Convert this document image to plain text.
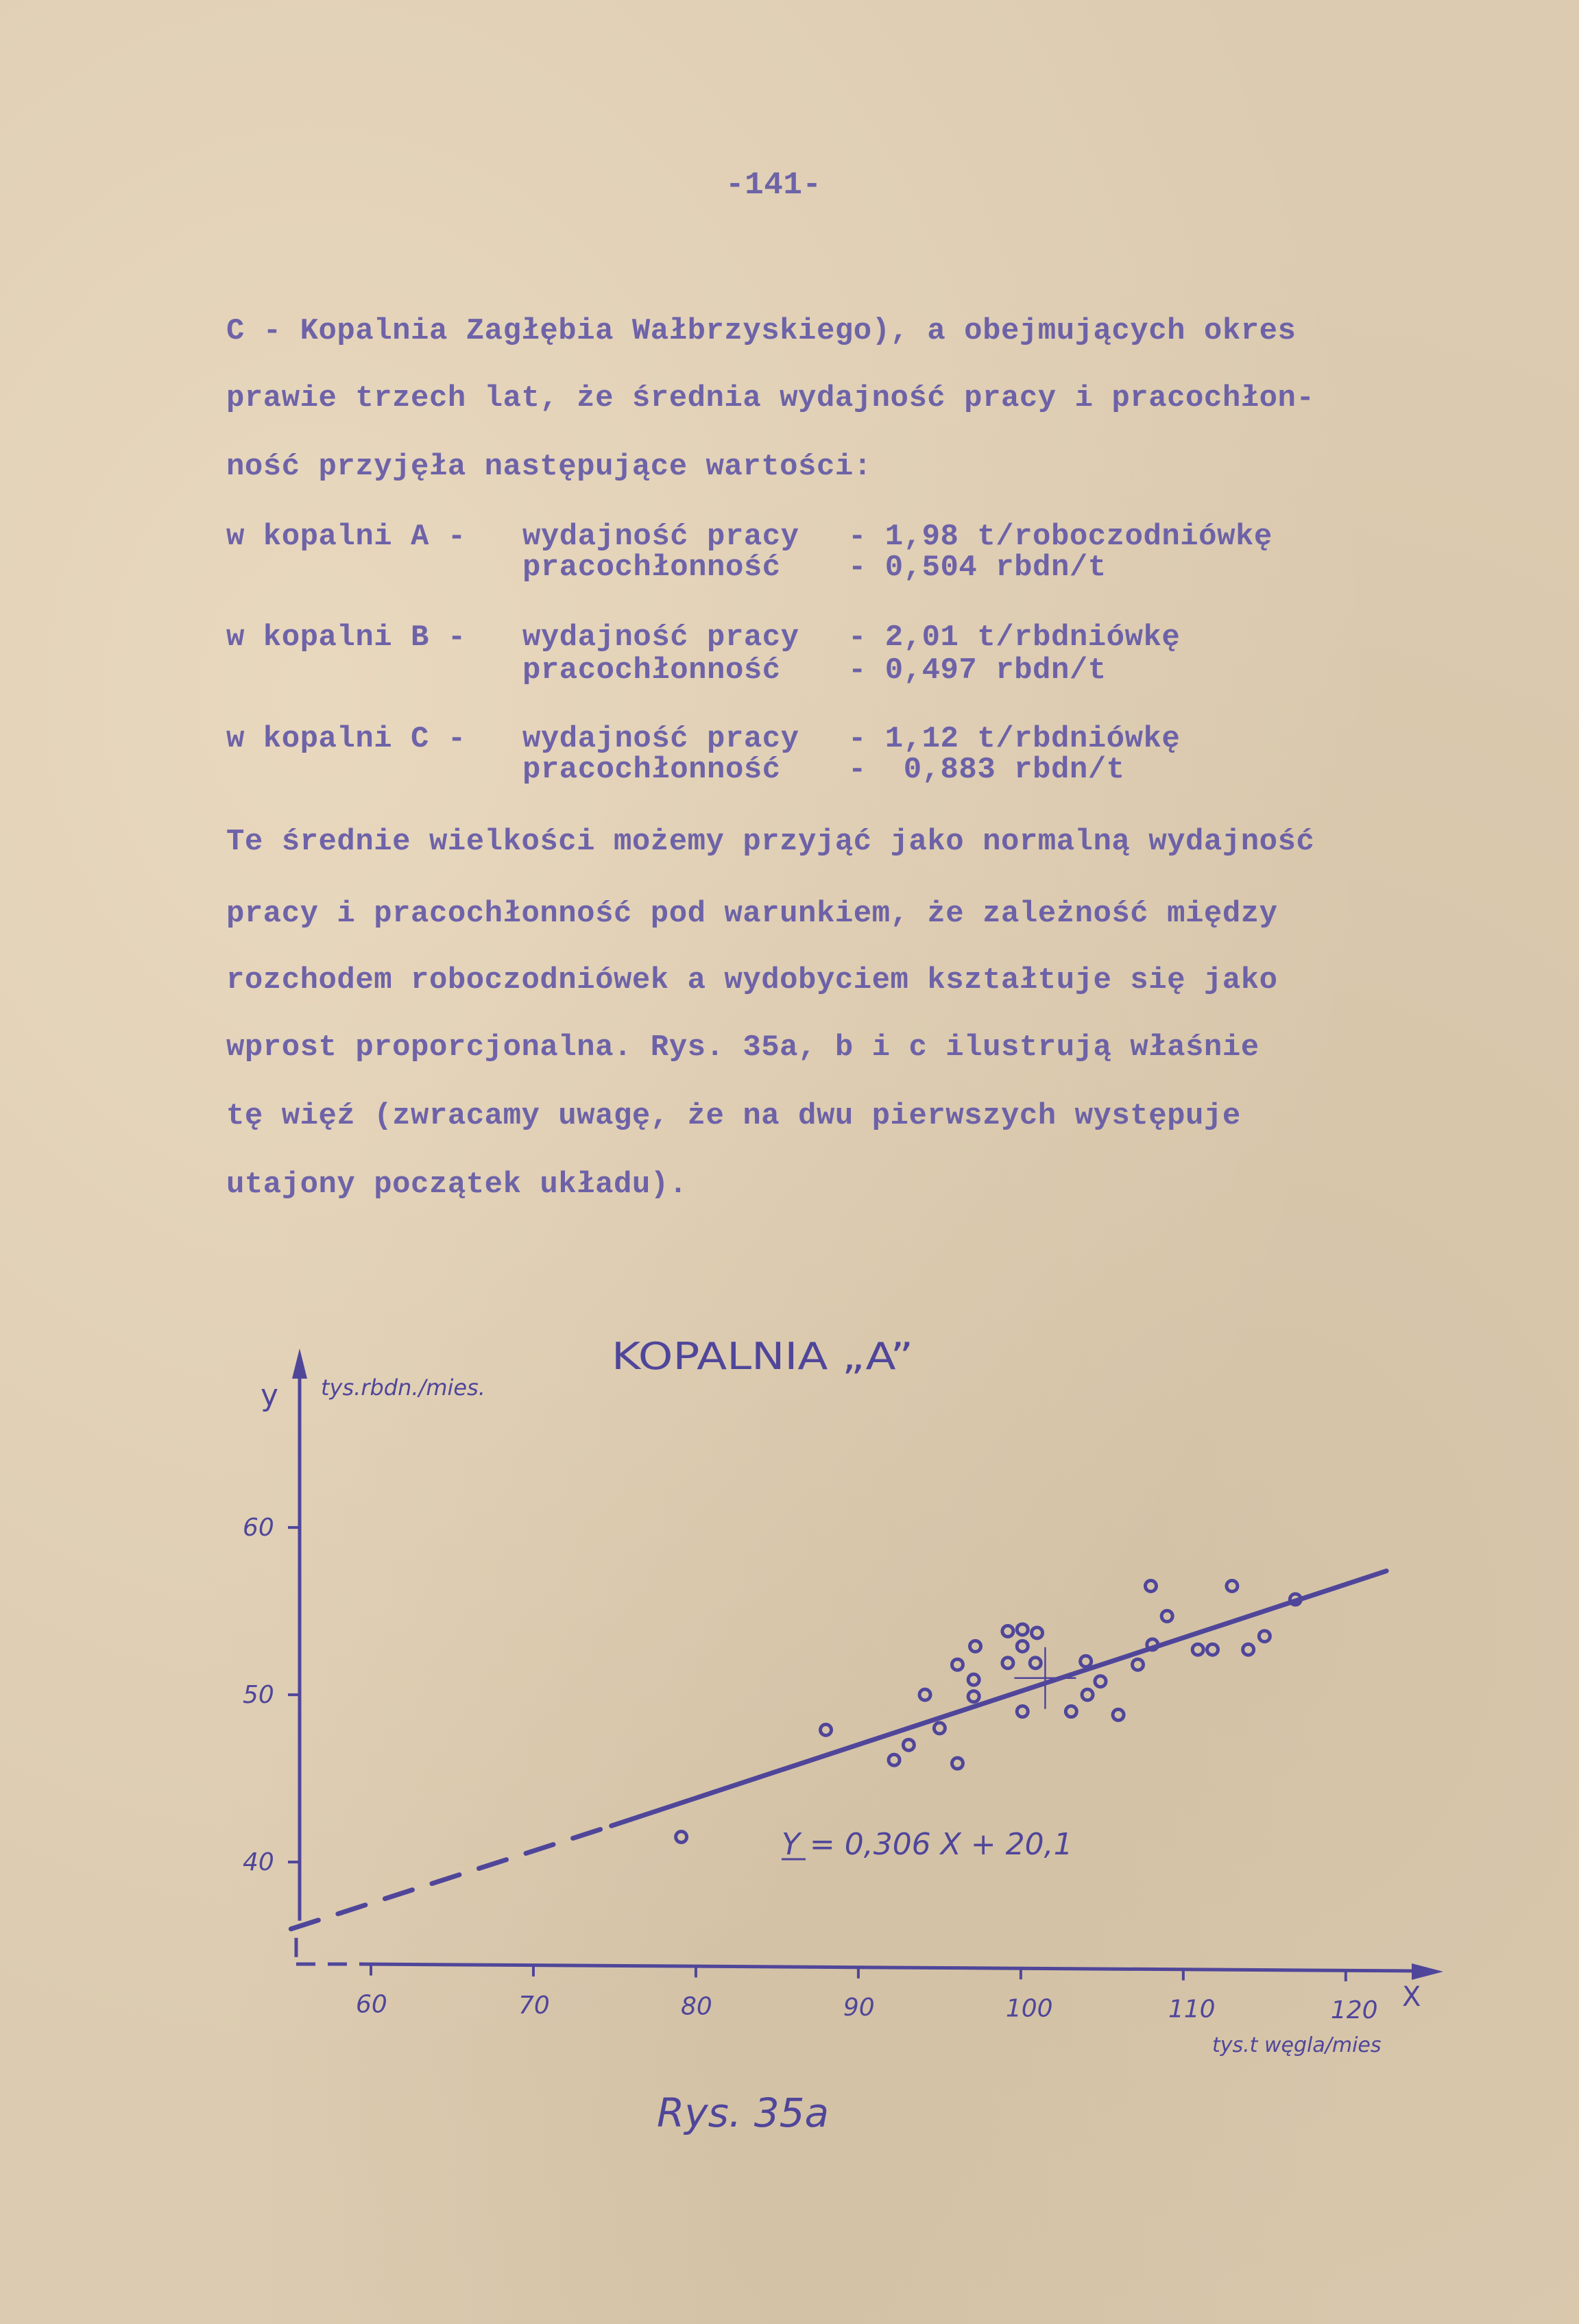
-141-
C - Kopalnia Zagłębia Wałbrzyskiego), a obejmujących okres
prawie trzech lat, że średnia wydajność pracy i pracochłon-
ność przyjęła następujące wartości:
w kopalni A - wydajność pracy - 1,98 t/roboczodniówkę
pracochłonność - 0,504 rbdn/t
w kopalni B - wydajność pracy - 2,01 t/rbdniówkę
pracochłonność - 0,497 rbdn/t
w kopalni C - wydajność pracy - 1,12 t/rbdniówkę
pracochłonność -  0,883 rbdn/t
Te średnie wielkości możemy przyjąć jako normalną wydajność
pracy i pracochłonność pod warunkiem, że zależność między
rozchodem roboczodniówek a wydobyciem kształtuje się jako
wprost proporcjonalna. Rys. 35a, b i c ilustrują właśnie
tę więź (zwracamy uwagę, że na dwu pierwszych występuje
utajony początek układu).
60	70	80	90	100	110	120
40
50
60
KOPALNIA „A”
y tys.rbdn./mies.
X
tys.t węgla/mies
Y = 0,306 X + 20,1
Rys. 35a
